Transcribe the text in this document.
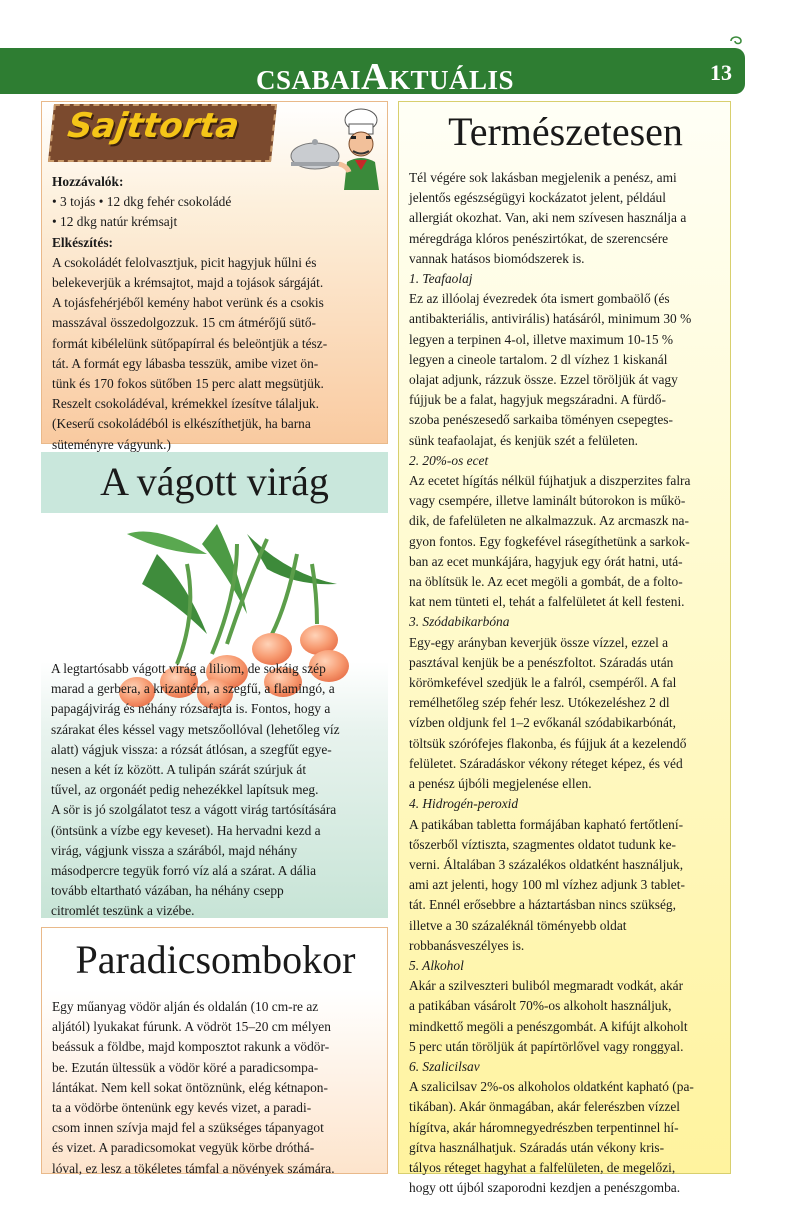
CSABAIAKTUÁLIS	13
Sajttorta

Hozzávalók:

• 3 tojás • 12 dkg fehér csokoládé

• 12 dkg natúr krémsajt

Elkészítés:

A csokoládét felolvasztjuk, picit hagyjuk hűlni és

belekeverjük a krémsajtot, majd a tojások sárgáját.

A tojásfehérjéből kemény habot verünk és a csokis

masszával összedolgozzuk. 15 cm átmérőjű sütő-

formát kibélelünk sütőpapírral és beleöntjük a tész-

tát. A formát egy lábasba tesszük, amibe vizet ön-

tünk és 170 fokos sütőben 15 perc alatt megsütjük.

Reszelt csokoládéval, krémekkel ízesítve tálaljuk.

(Keserű csokoládéból is elkészíthetjük, ha barna

süteményre vágyunk.)

A vágott virág

A legtartósabb vágott virág a liliom, de sokáig szép

marad a gerbera, a krizantém, a szegfű, a flamingó, a

papagájvirág és néhány rózsafajta is. Fontos, hogy a

szárakat éles késsel vagy metszőollóval (lehetőleg víz

alatt) vágjuk vissza: a rózsát átlósan, a szegfűt egye-

nesen a két íz között. A tulipán szárát szúrjuk át

tűvel, az orgonáét pedig nehezékkel lapítsuk meg.

A sör is jó szolgálatot tesz a vágott virág tartósítására

(öntsünk a vízbe egy keveset). Ha hervadni kezd a

virág, vágjunk vissza a szárából, majd néhány

másodpercre tegyük forró víz alá a szárat. A dália

tovább eltartható vázában, ha néhány csepp

citromlét teszünk a vizébe.

Paradicsombokor

Egy műanyag vödör alján és oldalán (10 cm-re az

aljától) lyukakat fúrunk. A vödröt 15–20 cm mélyen

beássuk a földbe, majd komposztot rakunk a vödör-

be. Ezután ültessük a vödör köré a paradicsompa-

lántákat. Nem kell sokat öntöznünk, elég kétnapon-

ta a vödörbe öntenünk egy kevés vizet, a paradi-

csom innen szívja majd fel a szükséges tápanyagot

és vizet. A paradicsomokat vegyük körbe dróthá-

lóval, ez lesz a tökéletes támfal a növények számára.

Természetesen

Tél végére sok lakásban megjelenik a penész, ami

jelentős egészségügyi kockázatot jelent, például

allergiát okozhat. Van, aki nem szívesen használja a

méregdrága klóros penészirtókat, de szerencsére

vannak hatásos biomódszerek is.

1. Teafaolaj

Ez az illóolaj évezredek óta ismert gombaölő (és

antibakteriális, antivirális) hatásáról, minimum 30 %

legyen a terpinen 4-ol, illetve maximum 10-15 %

legyen a cineole tartalom. 2 dl vízhez 1 kiskanál

olajat adjunk, rázzuk össze. Ezzel töröljük át vagy

fújjuk be a falat, hagyjuk megszáradni. A fürdő-

szoba penészesedő sarkaiba töményen csepegtes-

sünk teafaolajat, és kenjük szét a felületen.

2. 20%-os ecet

Az ecetet hígítás nélkül fújhatjuk a diszperzites falra

vagy csempére, illetve laminált bútorokon is műkö-

dik, de fafelületen ne alkalmazzuk. Az arcmaszk na-

gyon fontos. Egy fogkefével rásegíthetünk a sarkok-

ban az ecet munkájára, hagyjuk egy órát hatni, utá-

na öblítsük le. Az ecet megöli a gombát, de a folto-

kat nem tünteti el, tehát a falfelületet át kell festeni.

3. Szódabikarbóna

Egy-egy arányban keverjük össze vízzel, ezzel a

pasztával kenjük be a penészfoltot. Száradás után

körömkefével szedjük le a falról, csempéről. A fal

remélhetőleg szép fehér lesz. Utókezeléshez 2 dl

vízben oldjunk fel 1–2 evőkanál szódabikarbónát,

töltsük szórófejes flakonba, és fújjuk át a kezelendő

felületet. Száradáskor vékony réteget képez, és véd

a penész újbóli megjelenése ellen.

4. Hidrogén-peroxid

A patikában tabletta formájában kapható fertőtlení-

tőszerből víztiszta, szagmentes oldatot tudunk ke-

verni. Általában 3 százalékos oldatként használjuk,

ami azt jelenti, hogy 100 ml vízhez adjunk 3 tablet-

tát. Ennél erősebbre a háztartásban nincs szükség,

illetve a 30 százaléknál töményebb oldat

robbanásveszélyes is.

5. Alkohol

Akár a szilveszteri buliból megmaradt vodkát, akár

a patikában vásárolt 70%-os alkoholt használjuk,

mindkettő megöli a penészgombát. A kifújt alkoholt

5 perc után töröljük át papírtörlővel vagy ronggyal.

6. Szalicilsav

A szalicilsav 2%-os alkoholos oldatként kapható (pa-

tikában). Akár önmagában, akár felerészben vízzel

hígítva, akár háromnegyedrészben terpentinnel hí-

gítva használhatjuk. Száradás után vékony kris-

tályos réteget hagyhat a falfelületen, de megelőzi,

hogy ott újból szaporodni kezdjen a penészgomba.
